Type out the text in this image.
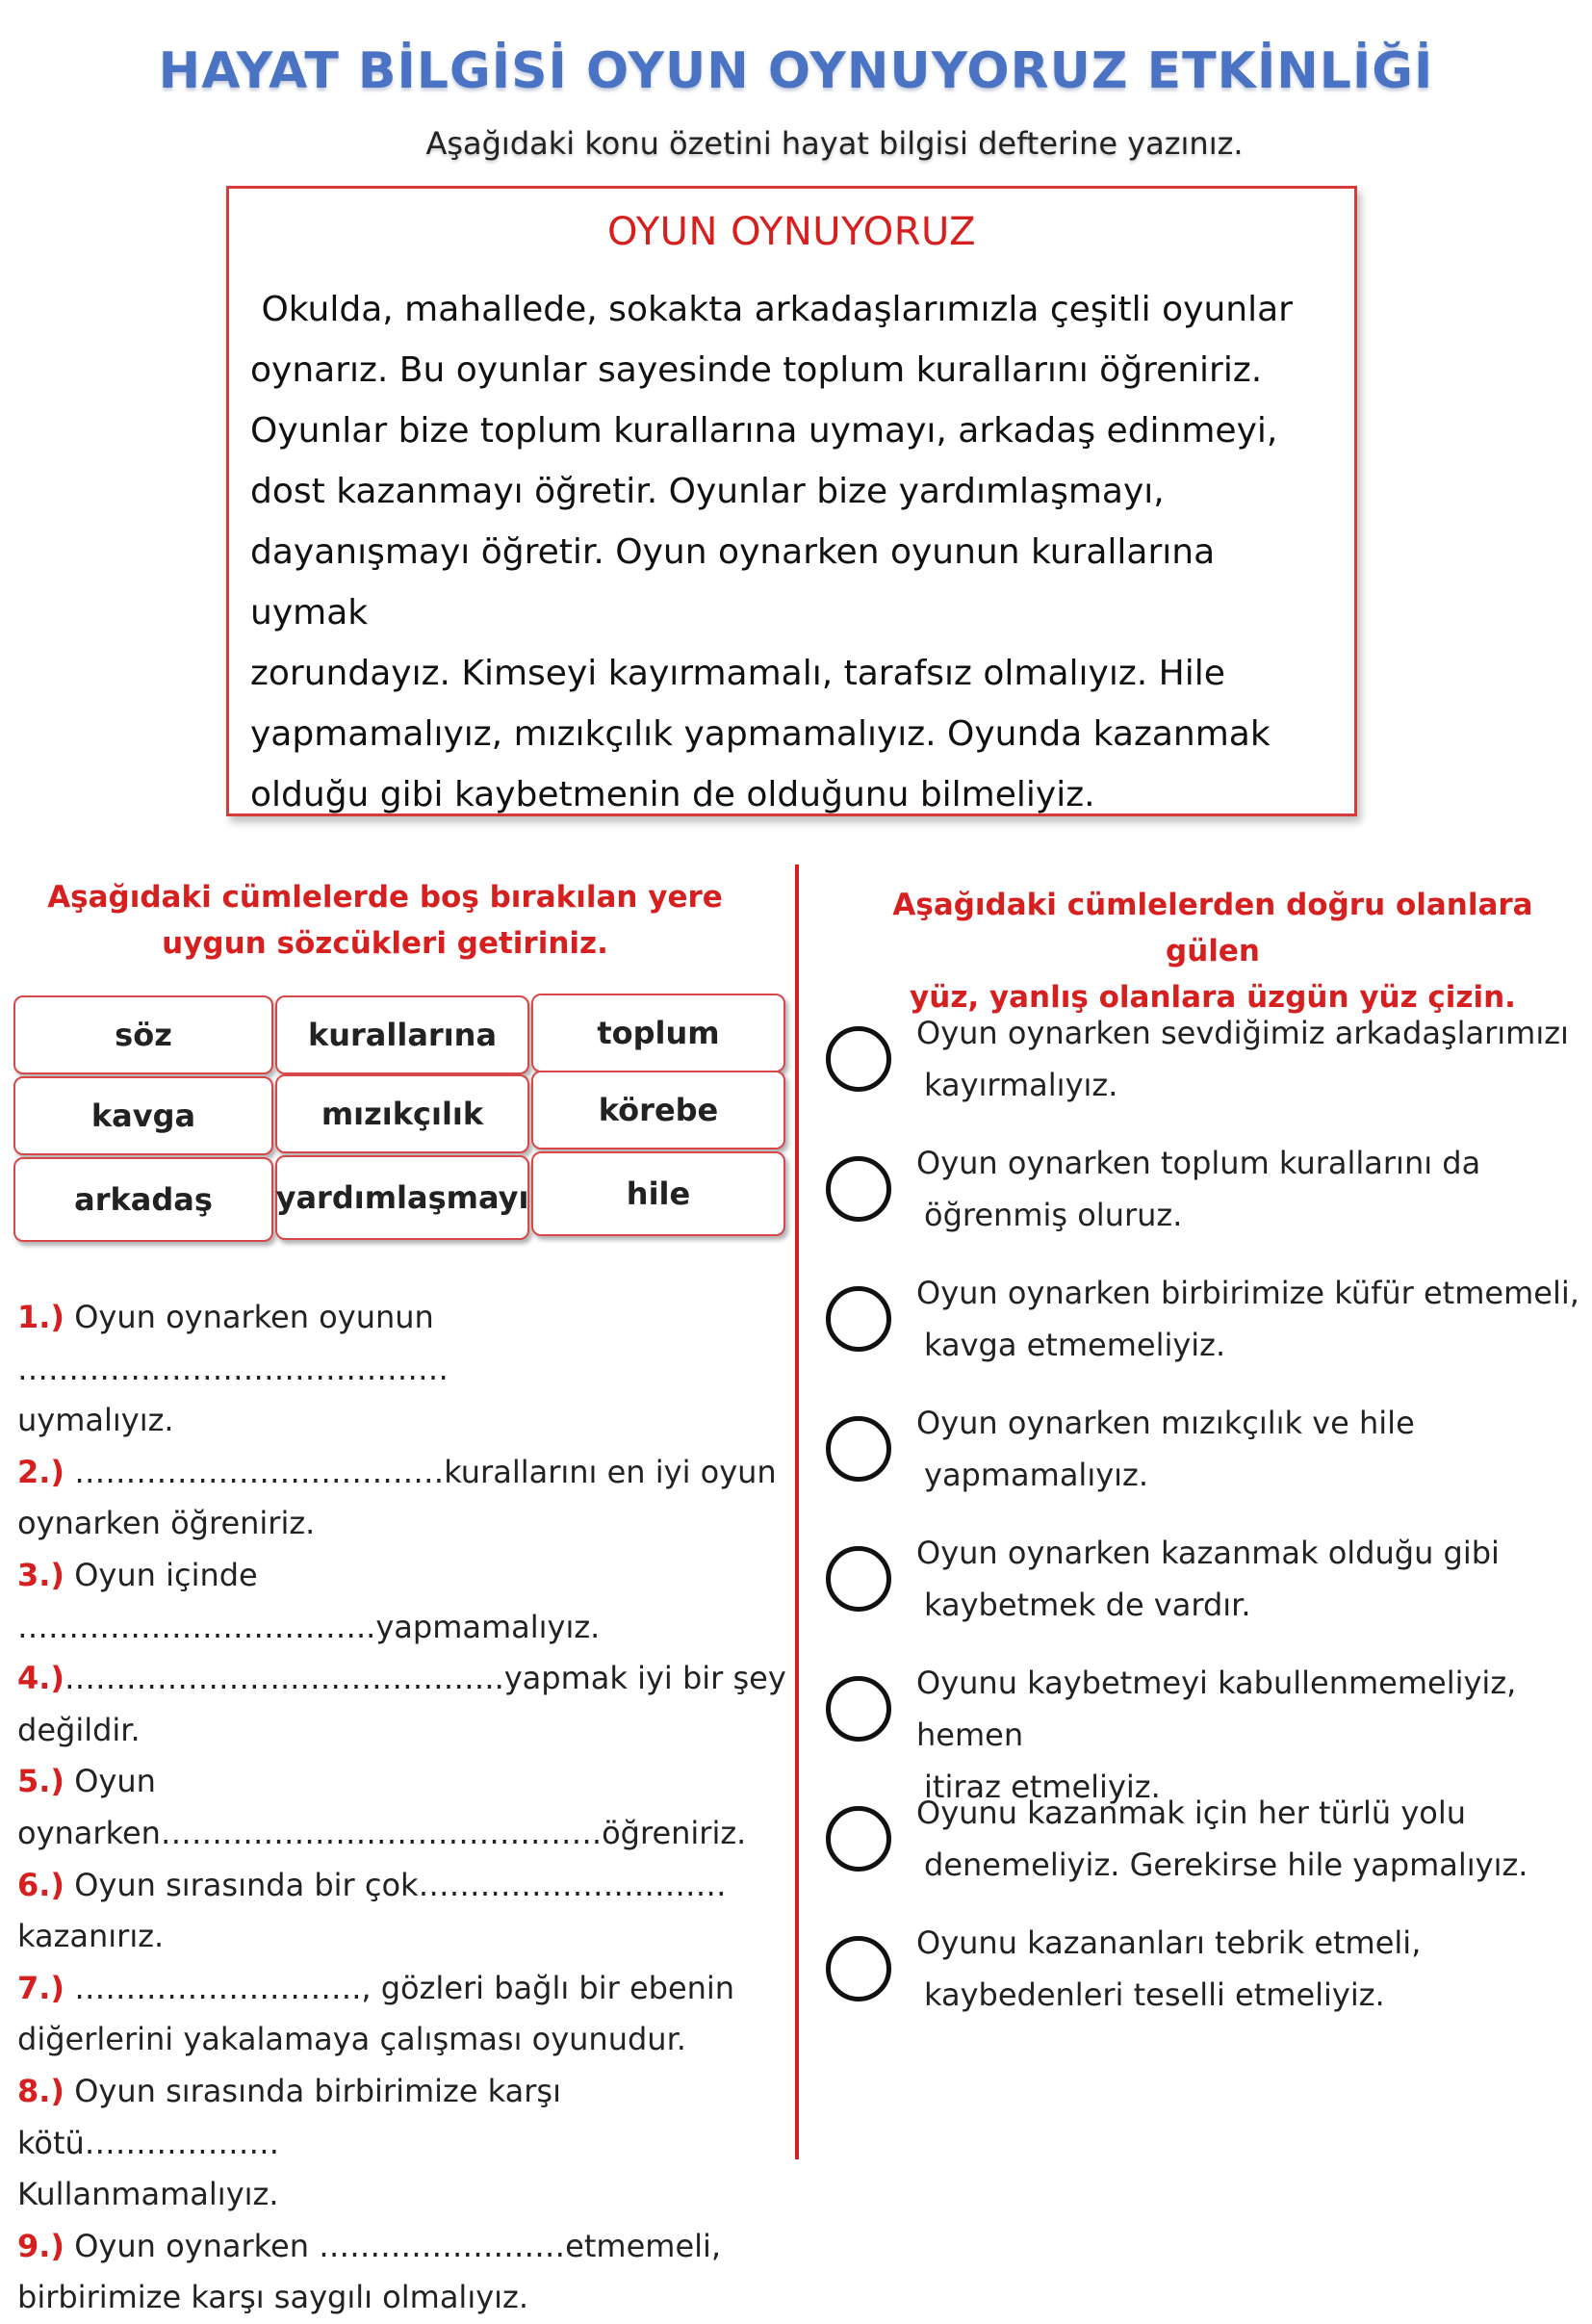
HAYAT BİLGİSİ OYUN OYNUYORUZ ETKİNLİĞİ
Aşağıdaki konu özetini hayat bilgisi defterine yazınız.
OYUN OYNUYORUZ
Okulda, mahallede, sokakta arkadaşlarımızla çeşitli oyunlar
oynarız. Bu oyunlar sayesinde toplum kurallarını öğreniriz.
Oyunlar bize toplum kurallarına uymayı, arkadaş edinmeyi,
dost kazanmayı öğretir. Oyunlar bize yardımlaşmayı,
dayanışmayı öğretir. Oyun oynarken oyunun kurallarına uymak
zorundayız. Kimseyi kayırmamalı, tarafsız olmalıyız. Hile
yapmamalıyız, mızıkçılık yapmamalıyız. Oyunda kazanmak
olduğu gibi kaybetmenin de olduğunu bilmeliyiz.
Aşağıdaki cümlelerde boş bırakılan yere
uygun sözcükleri getiriniz.
söz	kurallarına	toplum
kavga	mızıkçılık	körebe
arkadaş	yardımlaşmayı	hile

1.) Oyun oynarken oyunun ……………………………………

uymalıyız.

2.) ………………………………kurallarını en iyi oyun

oynarken öğreniriz.

3.) Oyun içinde ……………………………..yapmamalıyız.

4.)…………………..………………..yapmak iyi bir şey değildir.

5.) Oyun oynarken…………………………………….öğreniriz.

6.) Oyun sırasında bir çok…………………………kazanırız.

7.) ………………………., gözleri bağlı bir ebenin

diğerlerini yakalamaya çalışması oyunudur.

8.) Oyun sırasında birbirimize karşı kötü……………….

Kullanmamalıyız.

9.) Oyun oynarken ……………………etmemeli,

birbirimize karşı saygılı olmalıyız.

Aşağıdaki cümlelerden doğru olanlara gülen
yüz, yanlış olanlara üzgün yüz çizin.
Oyun oynarken sevdiğimiz arkadaşlarımızı
kayırmalıyız.
Oyun oynarken toplum kurallarını da
öğrenmiş oluruz.
Oyun oynarken birbirimize küfür etmemeli,
kavga etmemeliyiz.
Oyun oynarken mızıkçılık ve hile
yapmamalıyız.
Oyun oynarken kazanmak olduğu gibi
kaybetmek de vardır.
Oyunu kaybetmeyi kabullenmemeliyiz, hemen
itiraz etmeliyiz.
Oyunu kazanmak için her türlü yolu
denemeliyiz. Gerekirse hile yapmalıyız.
Oyunu kazananları tebrik etmeli,
kaybedenleri teselli etmeliyiz.
